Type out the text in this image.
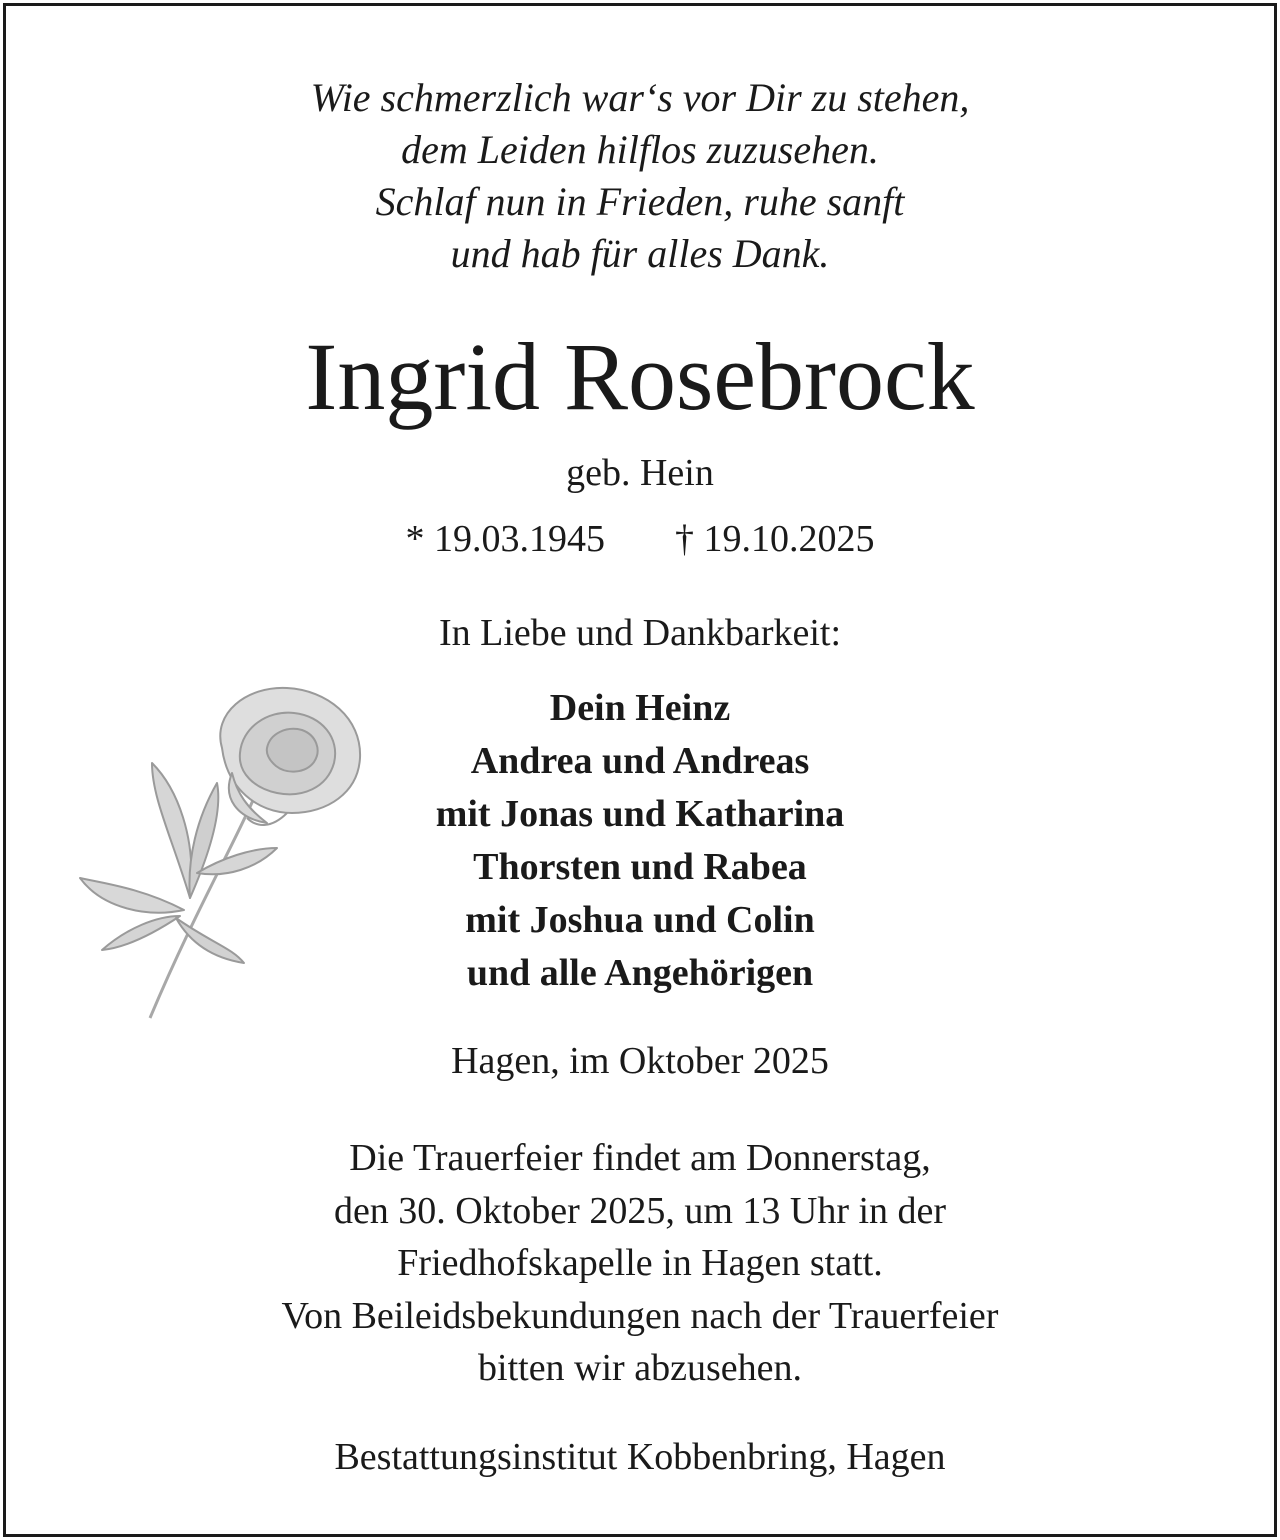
Wie schmerzlich war‘s vor Dir zu stehen,
dem Leiden hilflos zuzusehen.
Schlaf nun in Frieden, ruhe sanft
und hab für alles Dank.
Ingrid Rosebrock
geb. Hein
* 19.03.1945 † 19.10.2025
In Liebe und Dankbarkeit:
Dein Heinz
Andrea und Andreas
mit Jonas und Katharina
Thorsten und Rabea
mit Joshua und Colin
und alle Angehörigen
Hagen, im Oktober 2025
Die Trauerfeier findet am Donnerstag,
den 30. Oktober 2025, um 13 Uhr in der
Friedhofskapelle in Hagen statt.
Von Beileidsbekundungen nach der Trauerfeier
bitten wir abzusehen.
Bestattungsinstitut Kobbenbring, Hagen
